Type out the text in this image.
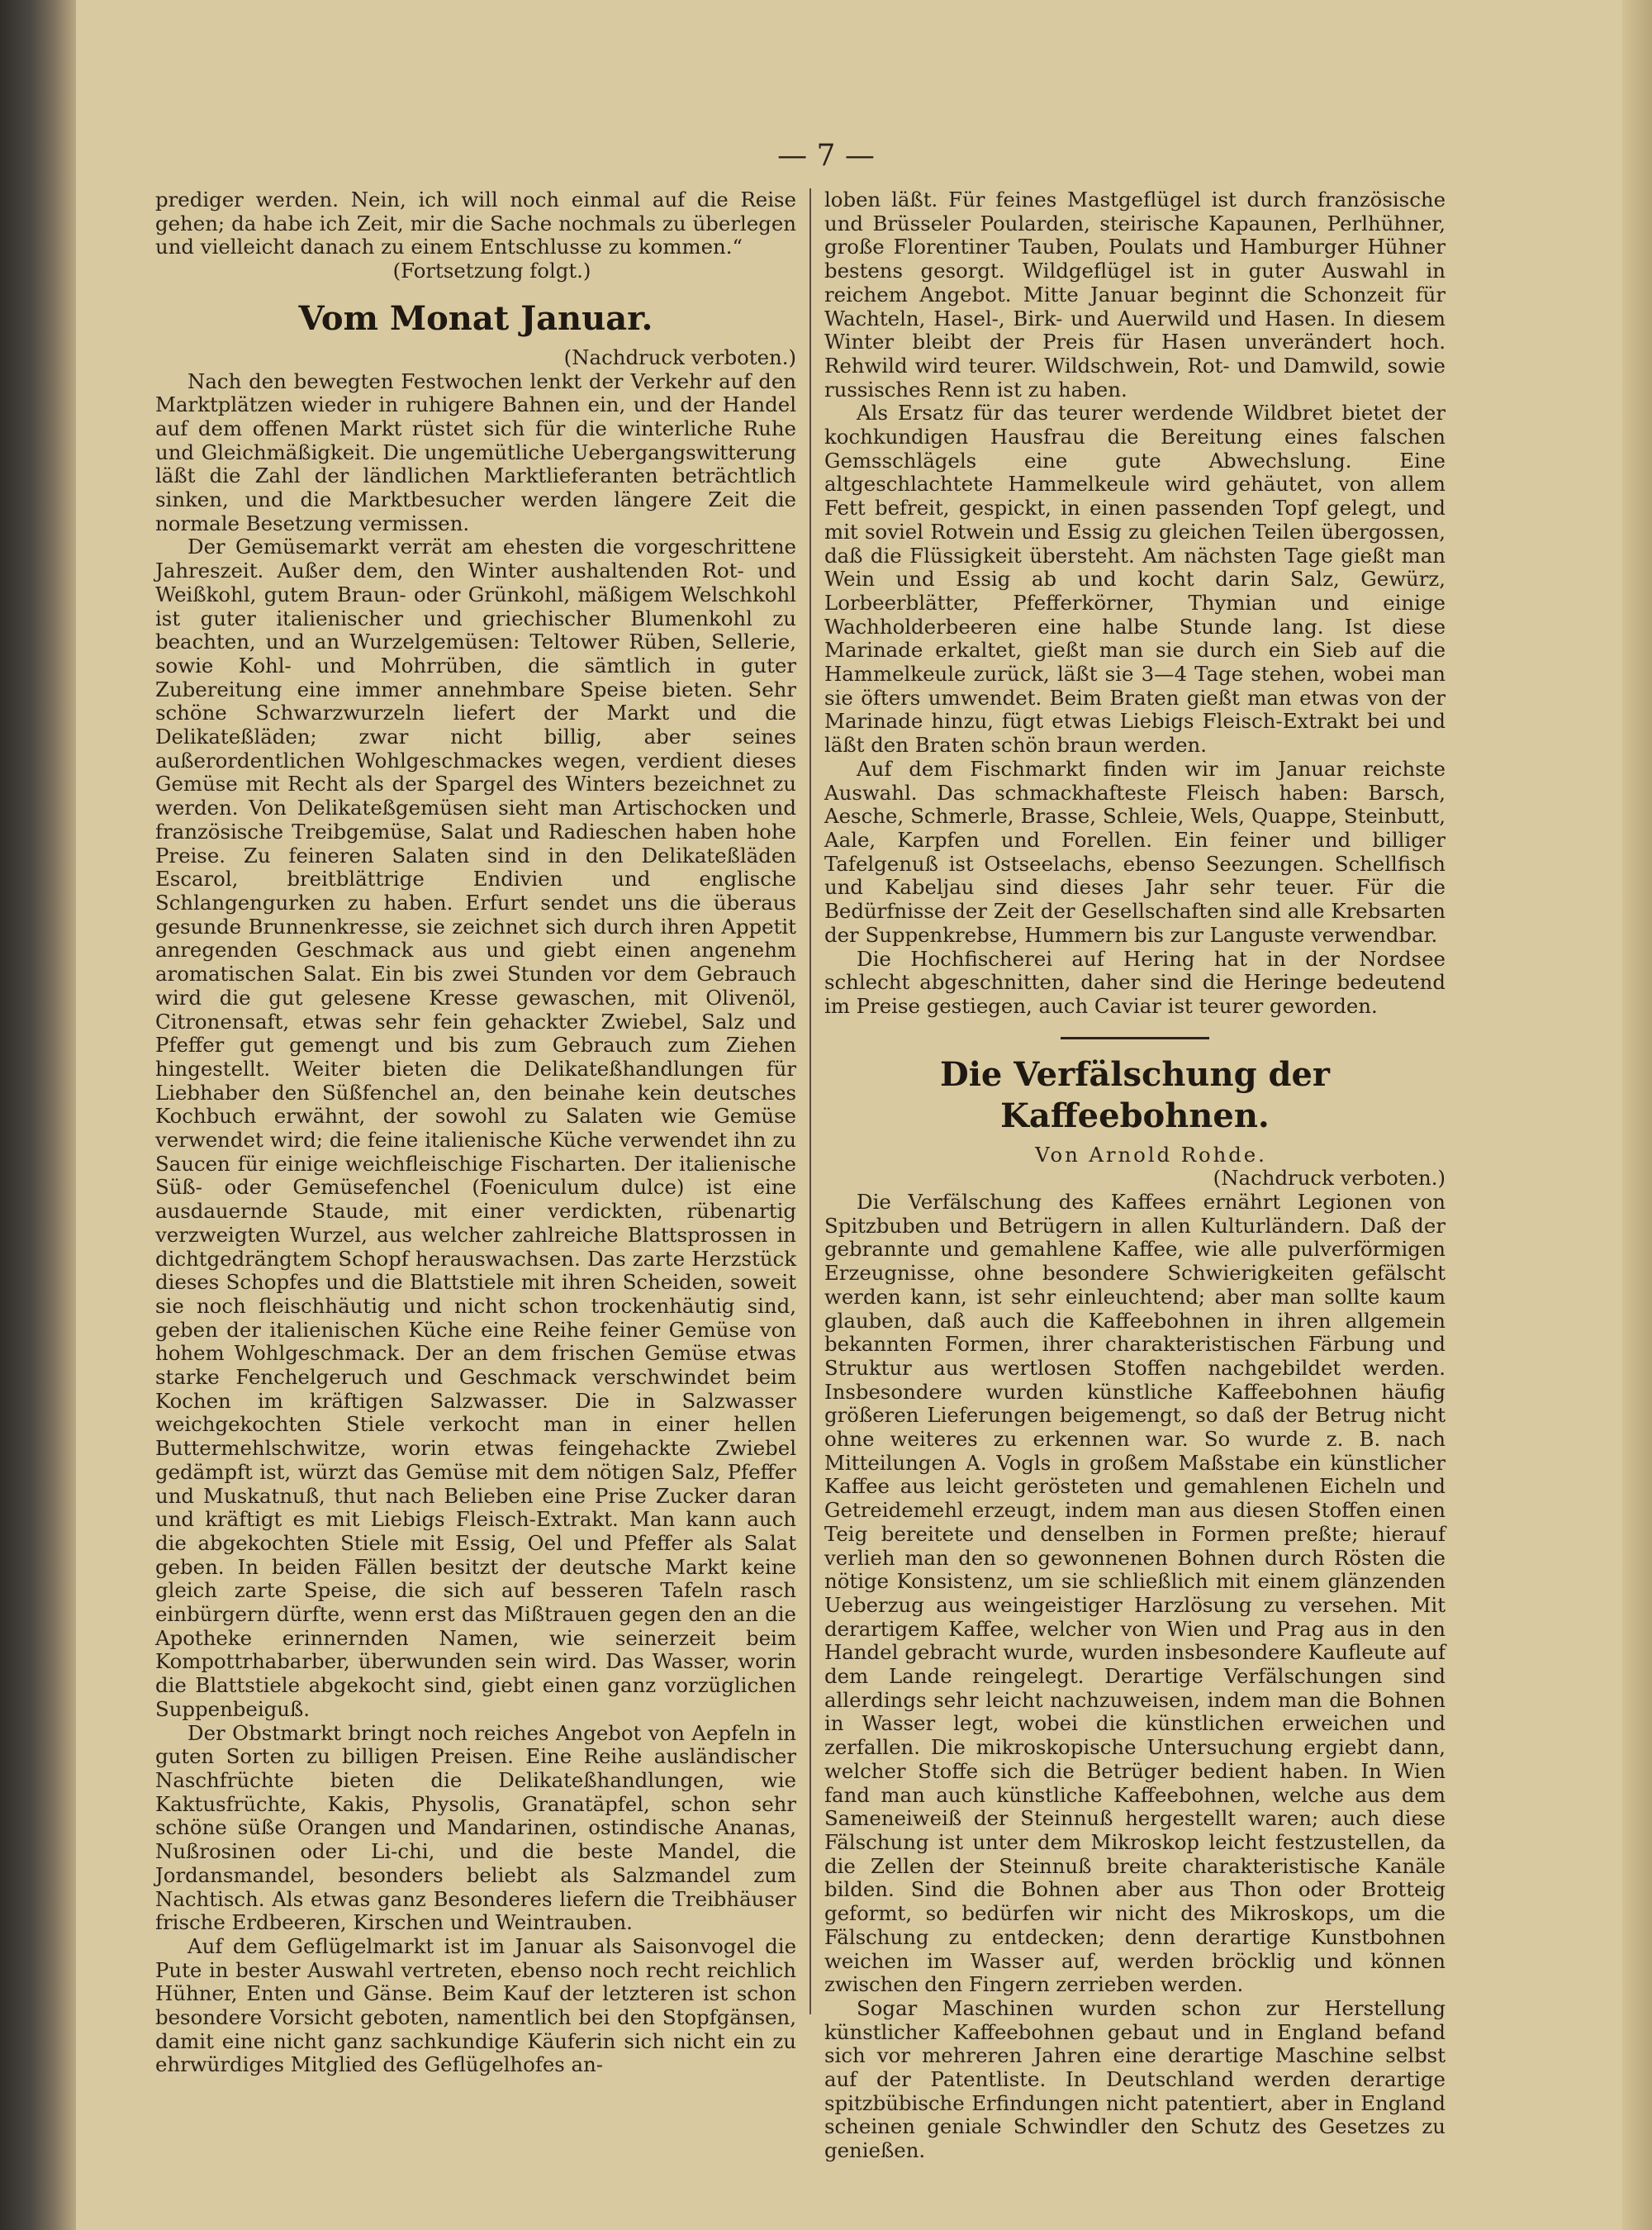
— 7 —

prediger werden. Nein, ich will noch einmal auf die Reise gehen; da habe ich Zeit, mir die Sache nochmals zu überlegen und vielleicht danach zu einem Entschlusse zu kommen.“

(Fortsetzung folgt.)

Vom Monat Januar.

(Nachdruck verboten.)

Nach den bewegten Festwochen lenkt der Verkehr auf den Marktplätzen wieder in ruhigere Bahnen ein, und der Handel auf dem offenen Markt rüstet sich für die winterliche Ruhe und Gleichmäßigkeit. Die ungemütliche Uebergangswitterung läßt die Zahl der ländlichen Marktlieferanten beträchtlich sinken, und die Marktbesucher werden längere Zeit die normale Besetzung vermissen.

Der Gemüsemarkt verrät am ehesten die vorgeschrittene Jahreszeit. Außer dem, den Winter aushaltenden Rot- und Weißkohl, gutem Braun- oder Grünkohl, mäßigem Welschkohl ist guter italienischer und griechischer Blumenkohl zu beachten, und an Wurzelgemüsen: Teltower Rüben, Sellerie, sowie Kohl- und Mohrrüben, die sämtlich in guter Zubereitung eine immer annehmbare Speise bieten. Sehr schöne Schwarzwurzeln liefert der Markt und die Delikateßläden; zwar nicht billig, aber seines außerordentlichen Wohlgeschmackes wegen, verdient dieses Gemüse mit Recht als der Spargel des Winters bezeichnet zu werden. Von Delikateßgemüsen sieht man Artischocken und französische Treibgemüse, Salat und Radieschen haben hohe Preise. Zu feineren Salaten sind in den Delikateßläden Escarol, breitblättrige Endivien und englische Schlangengurken zu haben. Erfurt sendet uns die überaus gesunde Brunnenkresse, sie zeichnet sich durch ihren Appetit anregenden Geschmack aus und giebt einen angenehm aromatischen Salat. Ein bis zwei Stunden vor dem Gebrauch wird die gut gelesene Kresse gewaschen, mit Olivenöl, Citronensaft, etwas sehr fein gehackter Zwiebel, Salz und Pfeffer gut gemengt und bis zum Gebrauch zum Ziehen hingestellt. Weiter bieten die Delikateßhandlungen für Liebhaber den Süßfenchel an, den beinahe kein deutsches Kochbuch erwähnt, der sowohl zu Salaten wie Gemüse verwendet wird; die feine italienische Küche verwendet ihn zu Saucen für einige weichfleischige Fischarten. Der italienische Süß- oder Gemüsefenchel (Foeniculum dulce) ist eine ausdauernde Staude, mit einer verdickten, rübenartig verzweigten Wurzel, aus welcher zahlreiche Blattsprossen in dichtgedrängtem Schopf herauswachsen. Das zarte Herzstück dieses Schopfes und die Blattstiele mit ihren Scheiden, soweit sie noch fleischhäutig und nicht schon trockenhäutig sind, geben der italienischen Küche eine Reihe feiner Gemüse von hohem Wohlgeschmack. Der an dem frischen Gemüse etwas starke Fenchelgeruch und Geschmack verschwindet beim Kochen im kräftigen Salzwasser. Die in Salzwasser weichgekochten Stiele verkocht man in einer hellen Buttermehlschwitze, worin etwas feingehackte Zwiebel gedämpft ist, würzt das Gemüse mit dem nötigen Salz, Pfeffer und Muskatnuß, thut nach Belieben eine Prise Zucker daran und kräftigt es mit Liebigs Fleisch-Extrakt. Man kann auch die abgekochten Stiele mit Essig, Oel und Pfeffer als Salat geben. In beiden Fällen besitzt der deutsche Markt keine gleich zarte Speise, die sich auf besseren Tafeln rasch einbürgern dürfte, wenn erst das Mißtrauen gegen den an die Apotheke erinnernden Namen, wie seinerzeit beim Kompottrhabarber, überwunden sein wird. Das Wasser, worin die Blattstiele abgekocht sind, giebt einen ganz vorzüglichen Suppenbeiguß.

Der Obstmarkt bringt noch reiches Angebot von Aepfeln in guten Sorten zu billigen Preisen. Eine Reihe ausländischer Naschfrüchte bieten die Delikateßhandlungen, wie Kaktusfrüchte, Kakis, Physolis, Granatäpfel, schon sehr schöne süße Orangen und Mandarinen, ostindische Ananas, Nußrosinen oder Li-chi, und die beste Mandel, die Jordansmandel, besonders beliebt als Salzmandel zum Nachtisch. Als etwas ganz Besonderes liefern die Treibhäuser frische Erdbeeren, Kirschen und Weintrauben.

Auf dem Geflügelmarkt ist im Januar als Saisonvogel die Pute in bester Auswahl vertreten, ebenso noch recht reichlich Hühner, Enten und Gänse. Beim Kauf der letzteren ist schon besondere Vorsicht geboten, namentlich bei den Stopfgänsen, damit eine nicht ganz sachkundige Käuferin sich nicht ein zu ehrwürdiges Mitglied des Geflügelhofes an-

loben läßt. Für feines Mastgeflügel ist durch französische und Brüsseler Poularden, steirische Kapaunen, Perlhühner, große Florentiner Tauben, Poulats und Hamburger Hühner bestens gesorgt. Wildgeflügel ist in guter Auswahl in reichem Angebot. Mitte Januar beginnt die Schonzeit für Wachteln, Hasel-, Birk- und Auerwild und Hasen. In diesem Winter bleibt der Preis für Hasen unverändert hoch. Rehwild wird teurer. Wildschwein, Rot- und Damwild, sowie russisches Renn ist zu haben.

Als Ersatz für das teurer werdende Wildbret bietet der kochkundigen Hausfrau die Bereitung eines falschen Gemsschlägels eine gute Abwechslung. Eine altgeschlachtete Hammelkeule wird gehäutet, von allem Fett befreit, gespickt, in einen passenden Topf gelegt, und mit soviel Rotwein und Essig zu gleichen Teilen übergossen, daß die Flüssigkeit übersteht. Am nächsten Tage gießt man Wein und Essig ab und kocht darin Salz, Gewürz, Lorbeerblätter, Pfefferkörner, Thymian und einige Wachholderbeeren eine halbe Stunde lang. Ist diese Marinade erkaltet, gießt man sie durch ein Sieb auf die Hammelkeule zurück, läßt sie 3—4 Tage stehen, wobei man sie öfters umwendet. Beim Braten gießt man etwas von der Marinade hinzu, fügt etwas Liebigs Fleisch-Extrakt bei und läßt den Braten schön braun werden.

Auf dem Fischmarkt finden wir im Januar reichste Auswahl. Das schmackhafteste Fleisch haben: Barsch, Aesche, Schmerle, Brasse, Schleie, Wels, Quappe, Steinbutt, Aale, Karpfen und Forellen. Ein feiner und billiger Tafelgenuß ist Ostseelachs, ebenso Seezungen. Schellfisch und Kabeljau sind dieses Jahr sehr teuer. Für die Bedürfnisse der Zeit der Gesellschaften sind alle Krebsarten der Suppenkrebse, Hummern bis zur Languste verwendbar.

Die Hochfischerei auf Hering hat in der Nordsee schlecht abgeschnitten, daher sind die Heringe bedeutend im Preise gestiegen, auch Caviar ist teurer geworden.

Die Verfälschung der Kaffeebohnen.

Von Arnold Rohde.

(Nachdruck verboten.)

Die Verfälschung des Kaffees ernährt Legionen von Spitzbuben und Betrügern in allen Kulturländern. Daß der gebrannte und gemahlene Kaffee, wie alle pulverförmigen Erzeugnisse, ohne besondere Schwierigkeiten gefälscht werden kann, ist sehr einleuchtend; aber man sollte kaum glauben, daß auch die Kaffeebohnen in ihren allgemein bekannten Formen, ihrer charakteristischen Färbung und Struktur aus wertlosen Stoffen nachgebildet werden. Insbesondere wurden künstliche Kaffeebohnen häufig größeren Lieferungen beigemengt, so daß der Betrug nicht ohne weiteres zu erkennen war. So wurde z. B. nach Mitteilungen A. Vogls in großem Maßstabe ein künstlicher Kaffee aus leicht gerösteten und gemahlenen Eicheln und Getreidemehl erzeugt, indem man aus diesen Stoffen einen Teig bereitete und denselben in Formen preßte; hierauf verlieh man den so gewonnenen Bohnen durch Rösten die nötige Konsistenz, um sie schließlich mit einem glänzenden Ueberzug aus weingeistiger Harzlösung zu versehen. Mit derartigem Kaffee, welcher von Wien und Prag aus in den Handel gebracht wurde, wurden insbesondere Kaufleute auf dem Lande reingelegt. Derartige Verfälschungen sind allerdings sehr leicht nachzuweisen, indem man die Bohnen in Wasser legt, wobei die künstlichen erweichen und zerfallen. Die mikroskopische Untersuchung ergiebt dann, welcher Stoffe sich die Betrüger bedient haben. In Wien fand man auch künstliche Kaffeebohnen, welche aus dem Sameneiweiß der Steinnuß hergestellt waren; auch diese Fälschung ist unter dem Mikroskop leicht festzustellen, da die Zellen der Steinnuß breite charakteristische Kanäle bilden. Sind die Bohnen aber aus Thon oder Brotteig geformt, so bedürfen wir nicht des Mikroskops, um die Fälschung zu entdecken; denn derartige Kunstbohnen weichen im Wasser auf, werden bröcklig und können zwischen den Fingern zerrieben werden.

Sogar Maschinen wurden schon zur Herstellung künstlicher Kaffeebohnen gebaut und in England befand sich vor mehreren Jahren eine derartige Maschine selbst auf der Patentliste. In Deutschland werden derartige spitzbübische Erfindungen nicht patentiert, aber in England scheinen geniale Schwindler den Schutz des Gesetzes zu genießen.
